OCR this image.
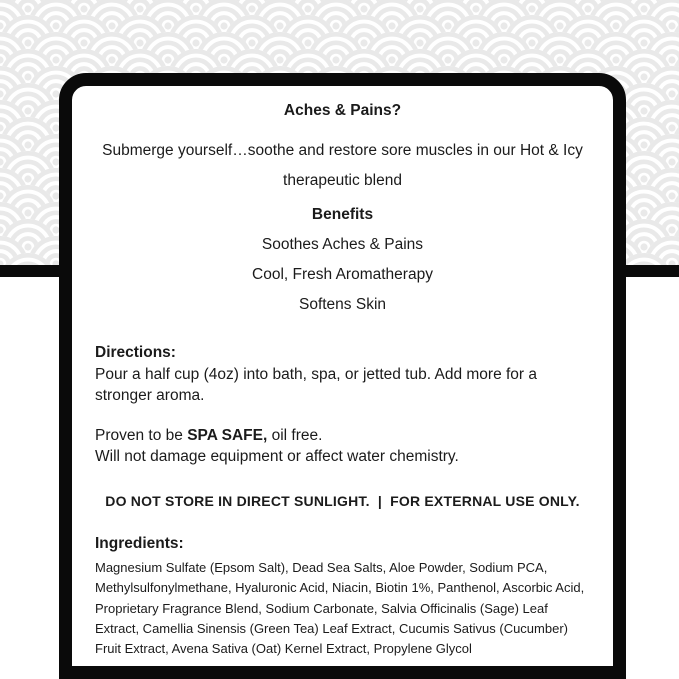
Aches & Pains?

Submerge yourself…soothe and restore sore muscles in our Hot & Icy therapeutic blend

Benefits
Soothes Aches & Pains
Cool, Fresh Aromatherapy
Softens Skin
Directions:

Pour a half cup (4oz) into bath, spa, or jetted tub. Add more for a stronger aroma.

Proven to be SPA SAFE, oil free.

Will not damage equipment or affect water chemistry.

DO NOT STORE IN DIRECT SUNLIGHT.  |  FOR EXTERNAL USE ONLY.

Ingredients:

Magnesium Sulfate (Epsom Salt), Dead Sea Salts, Aloe Powder, Sodium PCA, Methylsulfonylmethane, Hyaluronic Acid, Niacin, Biotin 1%, Panthenol, Ascorbic Acid, Proprietary Fragrance Blend, Sodium Carbonate, Salvia Officinalis (Sage) Leaf Extract, Camellia Sinensis (Green Tea) Leaf Extract, Cucumis Sativus (Cucumber) Fruit Extract, Avena Sativa (Oat) Kernel Extract, Propylene Glycol
